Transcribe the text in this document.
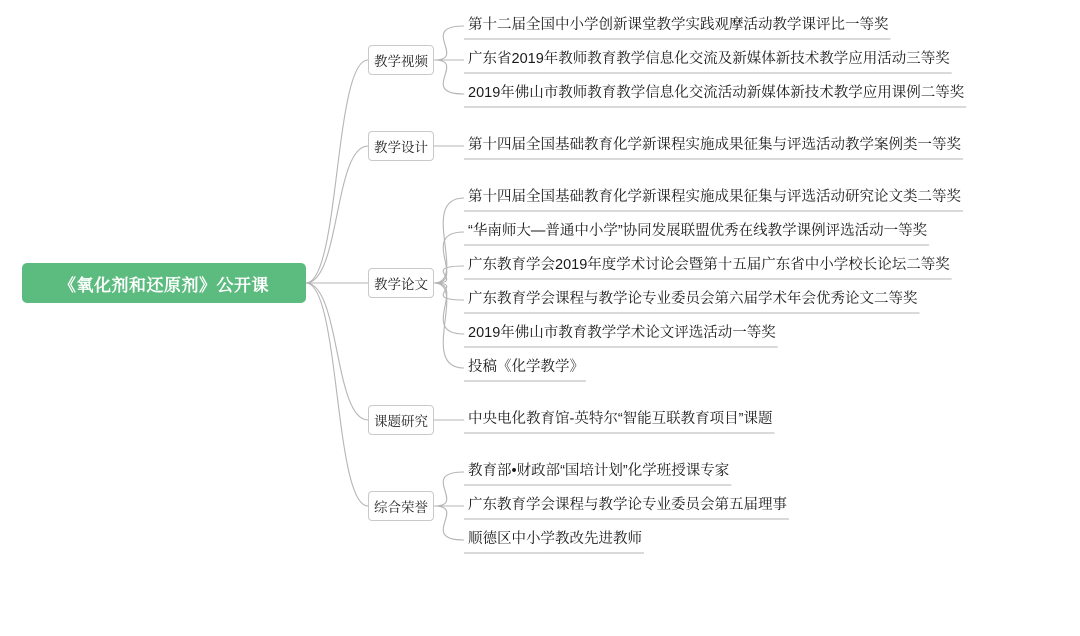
《氧化剂和还原剂》公开课
教学视频
第十二届全国中小学创新课堂教学实践观摩活动教学课评比一等奖
广东省2019年教师教育教学信息化交流及新媒体新技术教学应用活动三等奖
2019年佛山市教师教育教学信息化交流活动新媒体新技术教学应用课例二等奖
教学设计	第十四届全国基础教育化学新课程实施成果征集与评选活动教学案例类一等奖
教学论文
第十四届全国基础教育化学新课程实施成果征集与评选活动研究论文类二等奖
“华南师大—普通中小学”协同发展联盟优秀在线教学课例评选活动一等奖
广东教育学会2019年度学术讨论会暨第十五届广东省中小学校长论坛二等奖
广东教育学会课程与教学论专业委员会第六届学术年会优秀论文二等奖
2019年佛山市教育教学学术论文评选活动一等奖
投稿《化学教学》
课题研究	中央电化教育馆-英特尔“智能互联教育项目”课题
综合荣誉
教育部•财政部“国培计划”化学班授课专家
广东教育学会课程与教学论专业委员会第五届理事
顺德区中小学教改先进教师
